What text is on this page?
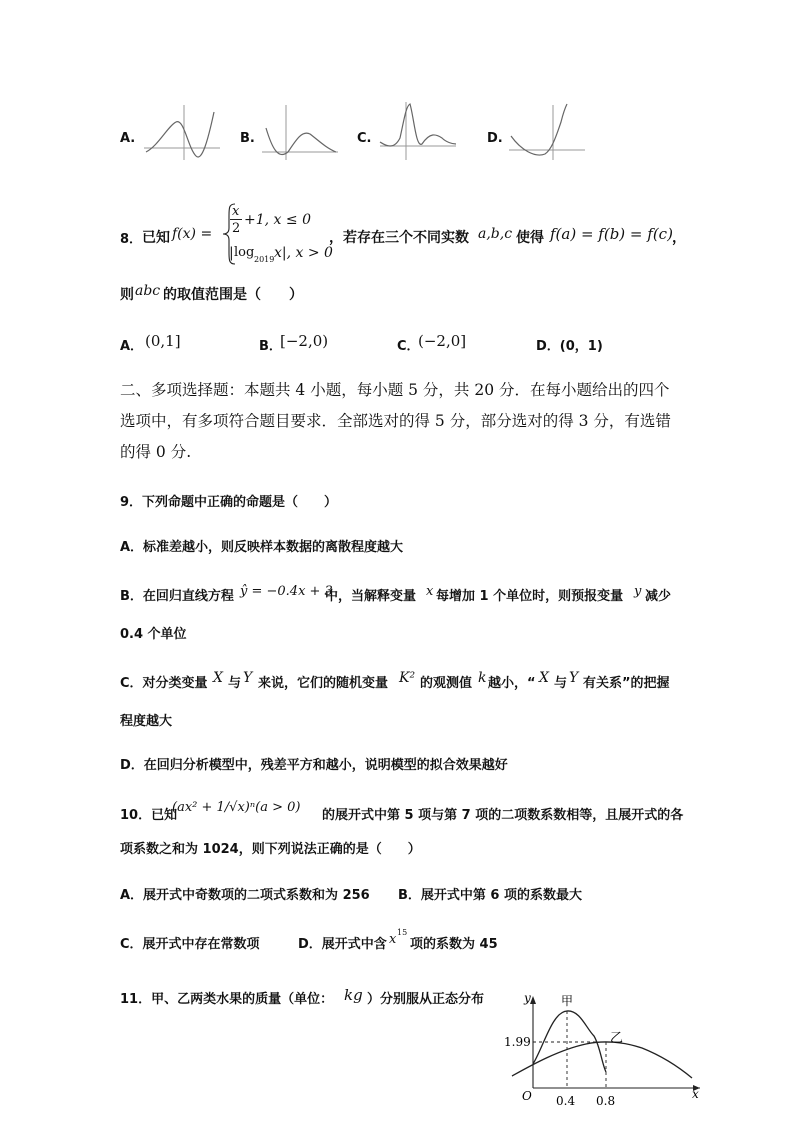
A.	B.	C.	D.
8． 已知 f(x) =
x
2
+1, x ≤ 0
| log 2019 x|, x > 0
，若存在三个不同实数 a,b,c 使得 f(a) = f(b) = f(c) ，
则 abc 的取值范围是（　　）
A． (0,1]	B．
[−2,0)	C．
(−2,0]	D．(0，1)
二、多项选择题：本题共 4 小题，每小题 5 分，共 20 分．在每小题给出的四个
选项中，有多项符合题目要求．全部选对的得 5 分，部分选对的得 3 分，有选错
的得 0 分.
9．下列命题中正确的命题是（　　）
A．标准差越小，则反映样本数据的离散程度越大
B．在回归直线方程 ŷ = −0.4x + 3
中，当解释变量 x 每增加 1 个单位时，则预报变量 y 减少
0.4 个单位
C．对分类变量 X 与 Y 来说，它们的随机变量 K² 的观测值 k 越小，“ X 与 Y 有关系”的把握
程度越大
D．在回归分析模型中，残差平方和越小，说明模型的拟合效果越好
10．已知
(ax² + 1/√x)ⁿ(a > 0)
的展开式中第 5 项与第 7 项的二项数系数相等，且展开式的各
项系数之和为 1024，则下列说法正确的是（　　）
A．展开式中奇数项的二项式系数和为 256 B．展开式中第 6 项的系数最大
C．展开式中存在常数项	D．展开式中含 x 15
项的系数为 45
11．甲、乙两类水果的质量（单位： kg ）分别服从正态分布	y
x
O
甲
乙
1.99
0.4 0.8
